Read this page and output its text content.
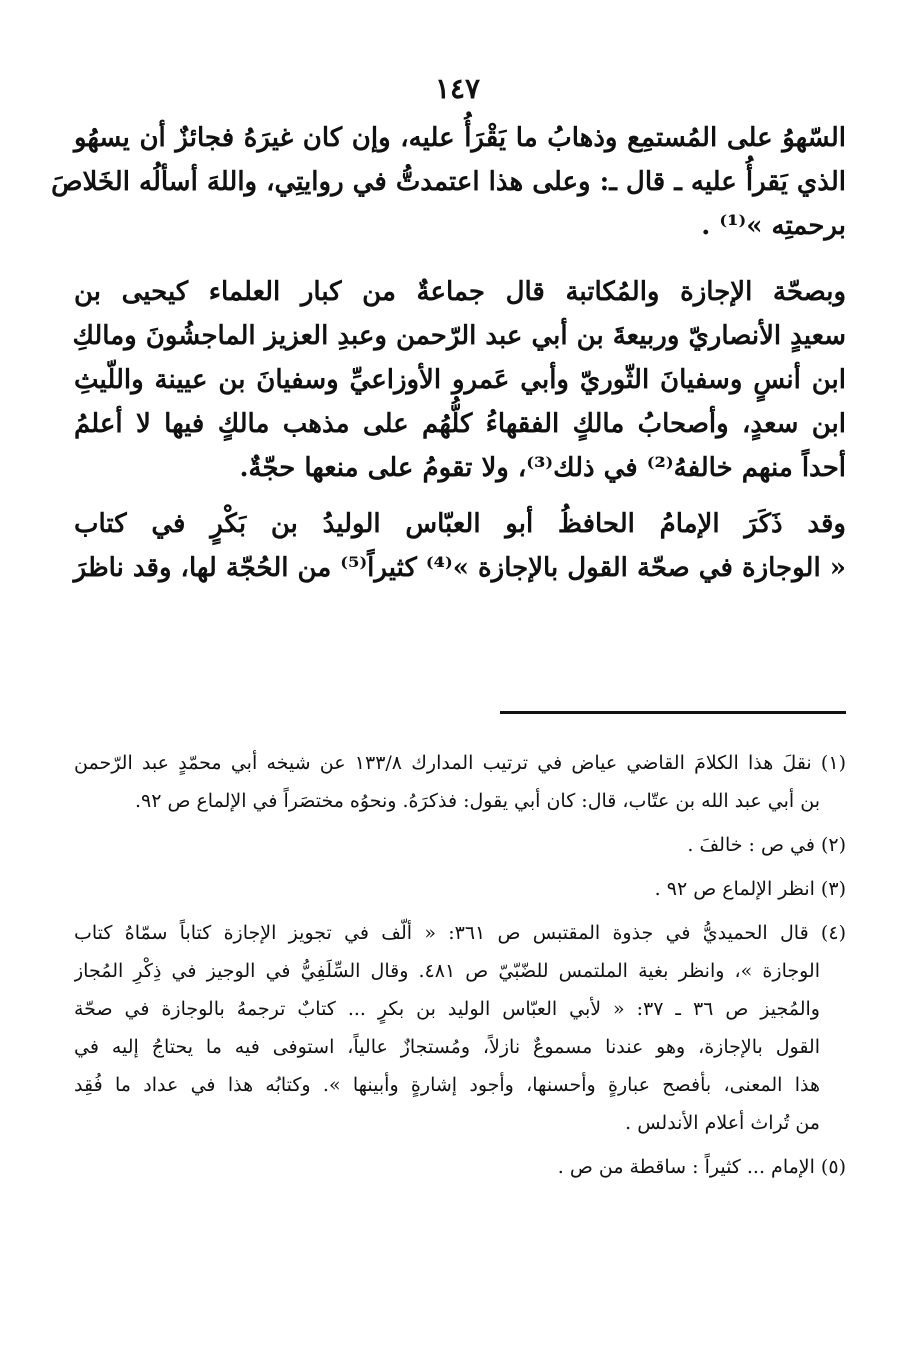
١٤٧
السّهوُ على المُستمِع وذهابُ ما يَقْرَأُ عليه، وإن كان غيرَهُ فجائزٌ أن يسهُو
الذي يَقرأُ عليه ـ قال ـ: وعلى هذا اعتمدتُّ في روايتِي، واللهَ أسألُه الخَلاصَ
برحمتِه »⁽¹⁾ .
وبصحّة الإجازة والمُكاتبة قال جماعةٌ من كبار العلماء كيحيى بن
سعيدٍ الأنصاريّ وربيعةَ بن أبي عبد الرّحمن وعبدِ العزيز الماجشُونَ ومالكِ
ابن أنسٍ وسفيانَ الثّوريّ وأبي عَمرو الأوزاعيِّ وسفيانَ بن عيينة واللّيثِ
ابن سعدٍ، وأصحابُ مالكٍ الفقهاءُ كلُّهُم على مذهب مالكٍ فيها لا أعلمُ
أحداً منهم خالفهُ⁽²⁾ في ذلك⁽³⁾، ولا تقومُ على منعها حجّةٌ.
وقد ذَكَرَ الإمامُ الحافظُ أبو العبّاس الوليدُ بن بَكْرٍ في كتاب
« الوجازة في صحّة القول بالإجازة »⁽⁴⁾ كثيراً⁽⁵⁾ من الحُجّة لها، وقد ناظرَ
(١) نقلَ هذا الكلامَ القاضي عياض في ترتيب المدارك ١٣٣/٨ عن شيخه أبي محمّدٍ عبد الرّحمن
بن أبي عبد الله بن عتّاب، قال: كان أبي يقول: فذكرَهُ. ونحوُه مختصَراً في الإلماع ص ٩٢.
(٢) في ص : خالفَ .
(٣) انظر الإلماع ص ٩٢ .
(٤) قال الحميديُّ في جذوة المقتبس ص ٣٦١: « ألّف في تجويز الإجازة كتاباً سمّاهُ كتاب
الوجازة »، وانظر بغية الملتمس للضّبّيّ ص ٤٨١. وقال السِّلَفِيُّ في الوجيز في ذِكْرِ المُجاز
والمُجيز ص ٣٦ ـ ٣٧: « لأبي العبّاس الوليد بن بكرٍ ... كتابٌ ترجمهُ بالوجازة في صحّة
القول بالإجازة، وهو عندنا مسموعٌ نازلاً، ومُستجازٌ عالياً، استوفى فيه ما يحتاجُ إليه في
هذا المعنى، بأفصح عبارةٍ وأحسنها، وأجود إشارةٍ وأبينها ». وكتابُه هذا في عداد ما فُقِد
من تُراث أعلام الأندلس .
(٥) الإمام ... كثيراً : ساقطة من ص .
